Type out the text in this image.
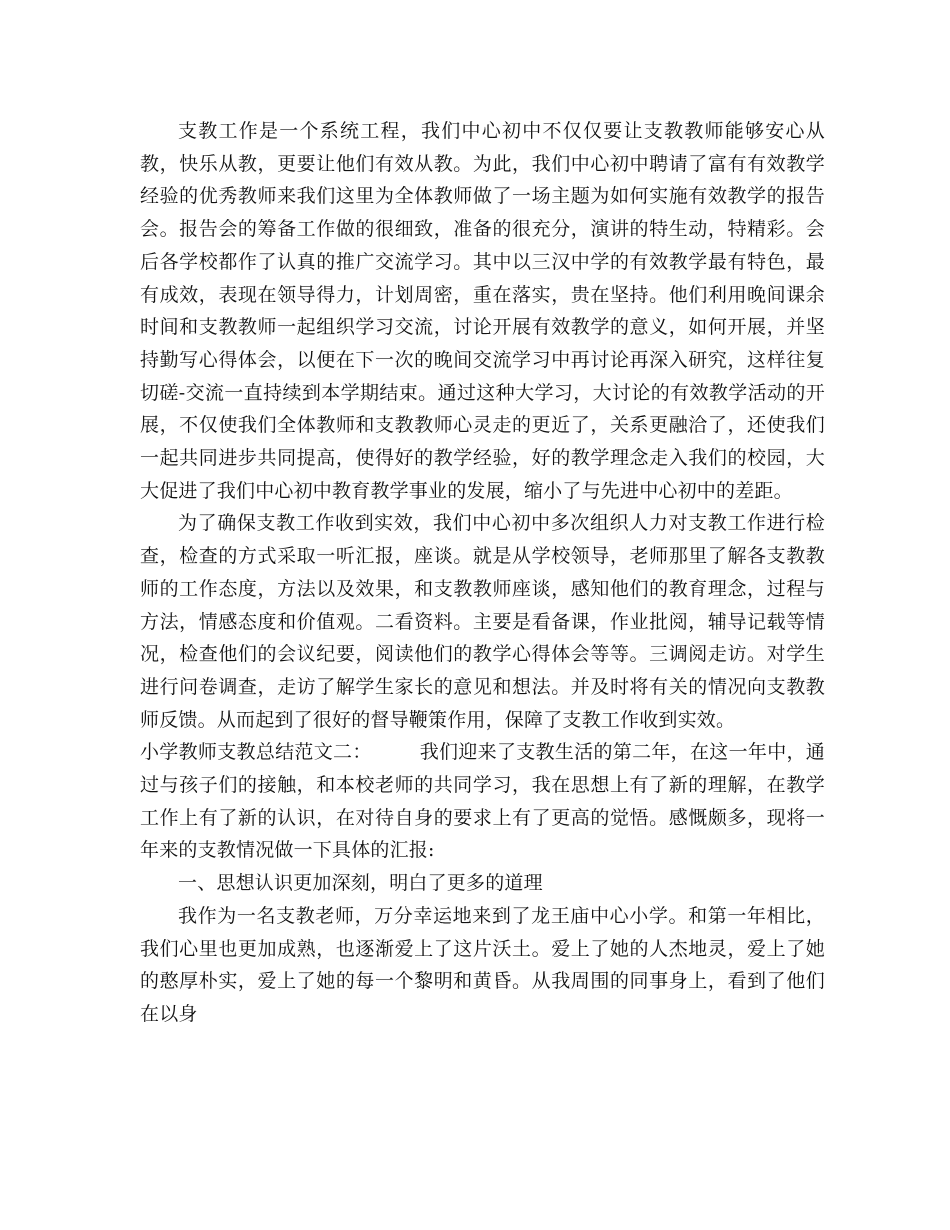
支教工作是一个系统工程，我们中心初中不仅仅要让支教教师能够安心从教，快乐从教，更要让他们有效从教。为此，我们中心初中聘请了富有有效教学经验的优秀教师来我们这里为全体教师做了一场主题为如何实施有效教学的报告会。报告会的筹备工作做的很细致，准备的很充分，演讲的特生动，特精彩。会后各学校都作了认真的推广交流学习。其中以三汉中学的有效教学最有特色，最有成效，表现在领导得力，计划周密，重在落实，贵在坚持。他们利用晚间课余时间和支教教师一起组织学习交流，讨论开展有效教学的意义，如何开展，并坚持勤写心得体会，以便在下一次的晚间交流学习中再讨论再深入研究，这样往复切磋-交流一直持续到本学期结束。通过这种大学习，大讨论的有效教学活动的开展，不仅使我们全体教师和支教教师心灵走的更近了，关系更融洽了，还使我们一起共同进步共同提高，使得好的教学经验，好的教学理念走入我们的校园，大大促进了我们中心初中教育教学事业的发展，缩小了与先进中心初中的差距。

为了确保支教工作收到实效，我们中心初中多次组织人力对支教工作进行检查，检查的方式采取一听汇报，座谈。就是从学校领导，老师那里了解各支教教师的工作态度，方法以及效果，和支教教师座谈，感知他们的教育理念，过程与方法，情感态度和价值观。二看资料。主要是看备课，作业批阅，辅导记载等情况，检查他们的会议纪要，阅读他们的教学心得体会等等。三调阅走访。对学生进行问卷调查，走访了解学生家长的意见和想法。并及时将有关的情况向支教教师反馈。从而起到了很好的督导鞭策作用，保障了支教工作收到实效。

小学教师支教总结范文二：	我们迎来了支教生活的第二年，在这一年中，通过与孩子们的接触，和本校老师的共同学习，我在思想上有了新的理解，在教学工作上有了新的认识，在对待自身的要求上有了更高的觉悟。感慨颇多，现将一年来的支教情况做一下具体的汇报:

一、思想认识更加深刻，明白了更多的道理

我作为一名支教老师，万分幸运地来到了龙王庙中心小学。和第一年相比，我们心里也更加成熟，也逐渐爱上了这片沃土。爱上了她的人杰地灵，爱上了她的憨厚朴实，爱上了她的每一个黎明和黄昏。从我周围的同事身上，看到了他们在以身
